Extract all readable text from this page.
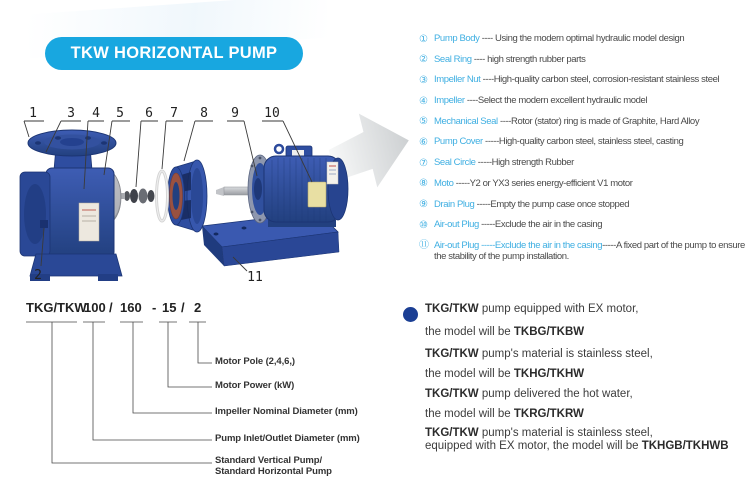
TKW HORIZONTAL PUMP
1 3 4 5 6 7 8 9 10
2	11
① Pump Body ---- Using the modern optimal hydraulic model design
② Seal Ring ---- high strength rubber parts
③ Impeller Nut ----High-quality carbon steel, corrosion-resistant stainless steel
④ Impeller ----Select the modern excellent hydraulic model
⑤ Mechanical Seal ----Rotor (stator) ring is made of Graphite, Hard Alloy
⑥ Pump Cover -----High-quality carbon steel, stainless steel, casting
⑦ Seal Circle -----High strength Rubber
⑧ Moto -----Y2 or YX3 series energy-efficient V1 motor
⑨ Drain Plug -----Empty the pump case once stopped
⑩ Air-out Plug -----Exclude the air in the casing
⑪ Air-out Plug -----Exclude the air in the casing-----A fixed part of the pump to ensure the stability of the pump installation.
TKG/TKW
100 / 160 - 15 / 2
Motor Pole (2,4,6,)
Motor Power (kW)
Impeller Nominal Diameter (mm)
Pump Inlet/Outlet Diameter (mm)
Standard Vertical Pump/
Standard Horizontal Pump
TKG/TKW pump equipped with EX motor,
the model will be TKBG/TKBW
TKG/TKW pump's material is stainless steel,
the model will be TKHG/TKHW
TKG/TKW pump delivered the hot water,
the model will be TKRG/TKRW
TKG/TKW pump's material is stainless steel,
equipped with EX motor, the model will be TKHGB/TKHWB
